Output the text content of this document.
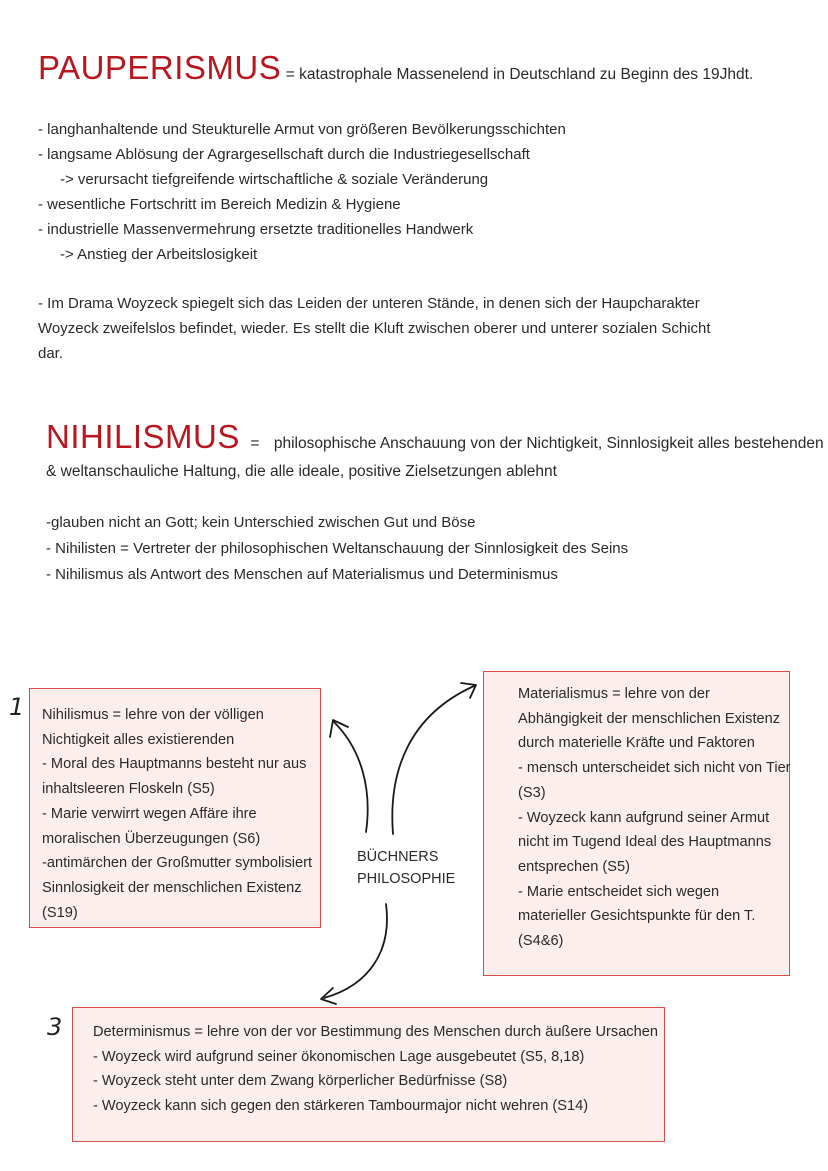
PAUPERISMUS = katastrophale Massenelend in Deutschland zu Beginn des 19Jhdt.
- langhanhaltende und Steukturelle Armut von größeren Bevölkerungsschichten
- langsame Ablösung der Agrargesellschaft durch die Industriegesellschaft
-> verursacht tiefgreifende wirtschaftliche & soziale Veränderung
- wesentliche Fortschritt im Bereich Medizin & Hygiene
- industrielle Massenvermehrung ersetzte traditionelles Handwerk
-> Anstieg der Arbeitslosigkeit
- Im Drama Woyzeck spiegelt sich das Leiden der unteren Stände, in denen sich der Haupcharakter
Woyzeck zweifelslos befindet, wieder. Es stellt die Kluft zwischen oberer und unterer sozialen Schicht
dar.
NIHILISMUS = philosophische Anschauung von der Nichtigkeit, Sinnlosigkeit alles bestehenden
& weltanschauliche Haltung, die alle ideale, positive Zielsetzungen ablehnt
-glauben nicht an Gott; kein Unterschied zwischen Gut und Böse
- Nihilisten = Vertreter der philosophischen Weltanschauung der Sinnlosigkeit des Seins
- Nihilismus als Antwort des Menschen auf Materialismus und Determinismus
1 Nihilismus = lehre von der völligen
Nichtigkeit alles existierenden
- Moral des Hauptmanns besteht nur aus
inhaltsleeren Floskeln (S5)
- Marie verwirrt wegen Affäre ihre
moralischen Überzeugungen (S6)
-antimärchen der Großmutter symbolisiert
Sinnlosigkeit der menschlichen Existenz
(S19)
BÜCHNERS
PHILOSOPHIE
Materialismus = lehre von der
Abhängigkeit der menschlichen Existenz
durch materielle Kräfte und Faktoren
- mensch unterscheidet sich nicht von Tier
(S3)
- Woyzeck kann aufgrund seiner Armut
nicht im Tugend Ideal des Hauptmanns
entsprechen (S5)
- Marie entscheidet sich wegen
materieller Gesichtspunkte für den T.
(S4&6)
3 Determinismus = lehre von der vor Bestimmung des Menschen durch äußere Ursachen
- Woyzeck wird aufgrund seiner ökonomischen Lage ausgebeutet (S5, 8,18)
- Woyzeck steht unter dem Zwang körperlicher Bedürfnisse (S8)
- Woyzeck kann sich gegen den stärkeren Tambourmajor nicht wehren (S14)
